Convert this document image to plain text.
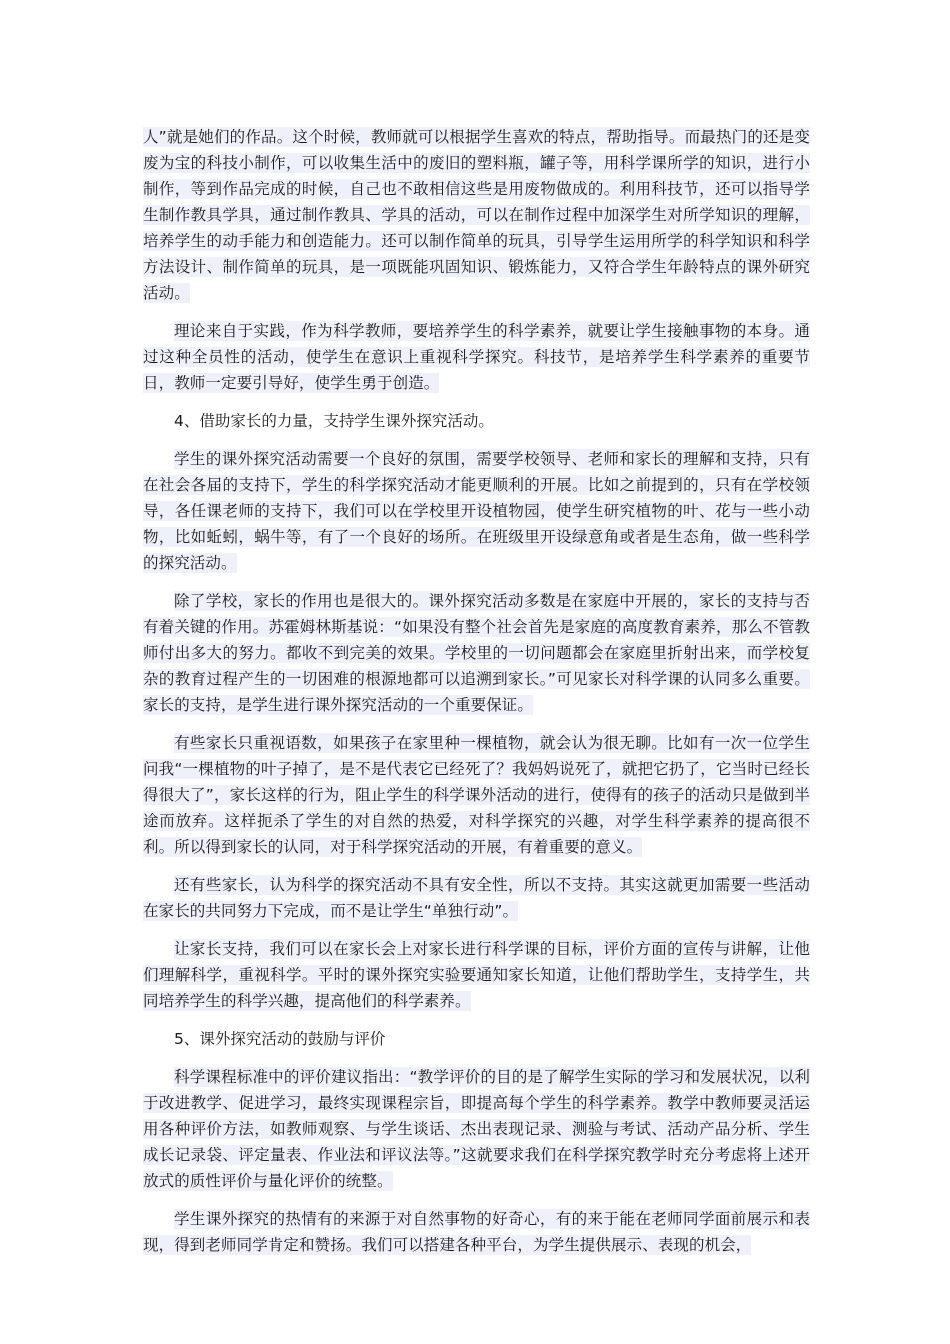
人”就是她们的作品。这个时候，教师就可以根据学生喜欢的特点，帮助指导。而最热门的还是变废为宝的科技小制作，可以收集生活中的废旧的塑料瓶，罐子等，用科学课所学的知识，进行小制作，等到作品完成的时候，自己也不敢相信这些是用废物做成的。利用科技节，还可以指导学生制作教具学具，通过制作教具、学具的活动，可以在制作过程中加深学生对所学知识的理解，培养学生的动手能力和创造能力。还可以制作简单的玩具，引导学生运用所学的科学知识和科学方法设计、制作简单的玩具，是一项既能巩固知识、锻炼能力，又符合学生年龄特点的课外研究活动。

理论来自于实践，作为科学教师，要培养学生的科学素养，就要让学生接触事物的本身。通过这种全员性的活动，使学生在意识上重视科学探究。科技节，是培养学生科学素养的重要节日，教师一定要引导好，使学生勇于创造。

4、借助家长的力量，支持学生课外探究活动。

学生的课外探究活动需要一个良好的氛围，需要学校领导、老师和家长的理解和支持，只有在社会各届的支持下，学生的科学探究活动才能更顺利的开展。比如之前提到的，只有在学校领导，各任课老师的支持下，我们可以在学校里开设植物园，使学生研究植物的叶、花与一些小动物，比如蚯蚓，蜗牛等，有了一个良好的场所。在班级里开设绿意角或者是生态角，做一些科学的探究活动。

除了学校，家长的作用也是很大的。课外探究活动多数是在家庭中开展的，家长的支持与否有着关键的作用。苏霍姆林斯基说：“如果没有整个社会首先是家庭的高度教育素养，那么不管教师付出多大的努力。都收不到完美的效果。学校里的一切问题都会在家庭里折射出来，而学校复杂的教育过程产生的一切困难的根源地都可以追溯到家长。”可见家长对科学课的认同多么重要。家长的支持，是学生进行课外探究活动的一个重要保证。

有些家长只重视语数，如果孩子在家里种一棵植物，就会认为很无聊。比如有一次一位学生问我“一棵植物的叶子掉了，是不是代表它已经死了？我妈妈说死了，就把它扔了，它当时已经长得很大了”，家长这样的行为，阻止学生的科学课外活动的进行，使得有的孩子的活动只是做到半途而放弃。这样扼杀了学生的对自然的热爱，对科学探究的兴趣，对学生科学素养的提高很不利。所以得到家长的认同，对于科学探究活动的开展，有着重要的意义。

还有些家长，认为科学的探究活动不具有安全性，所以不支持。其实这就更加需要一些活动在家长的共同努力下完成，而不是让学生“单独行动”。

让家长支持，我们可以在家长会上对家长进行科学课的目标，评价方面的宣传与讲解，让他们理解科学，重视科学。平时的课外探究实验要通知家长知道，让他们帮助学生，支持学生，共同培养学生的科学兴趣，提高他们的科学素养。

5、课外探究活动的鼓励与评价

科学课程标准中的评价建议指出：“教学评价的目的是了解学生实际的学习和发展状况，以利于改进教学、促进学习，最终实现课程宗旨，即提高每个学生的科学素养。教学中教师要灵活运用各种评价方法，如教师观察、与学生谈话、杰出表现记录、测验与考试、活动产品分析、学生成长记录袋、评定量表、作业法和评议法等。”这就要求我们在科学探究教学时充分考虑将上述开放式的质性评价与量化评价的统整。

学生课外探究的热情有的来源于对自然事物的好奇心，有的来于能在老师同学面前展示和表现，得到老师同学肯定和赞扬。我们可以搭建各种平台，为学生提供展示、表现的机会，
